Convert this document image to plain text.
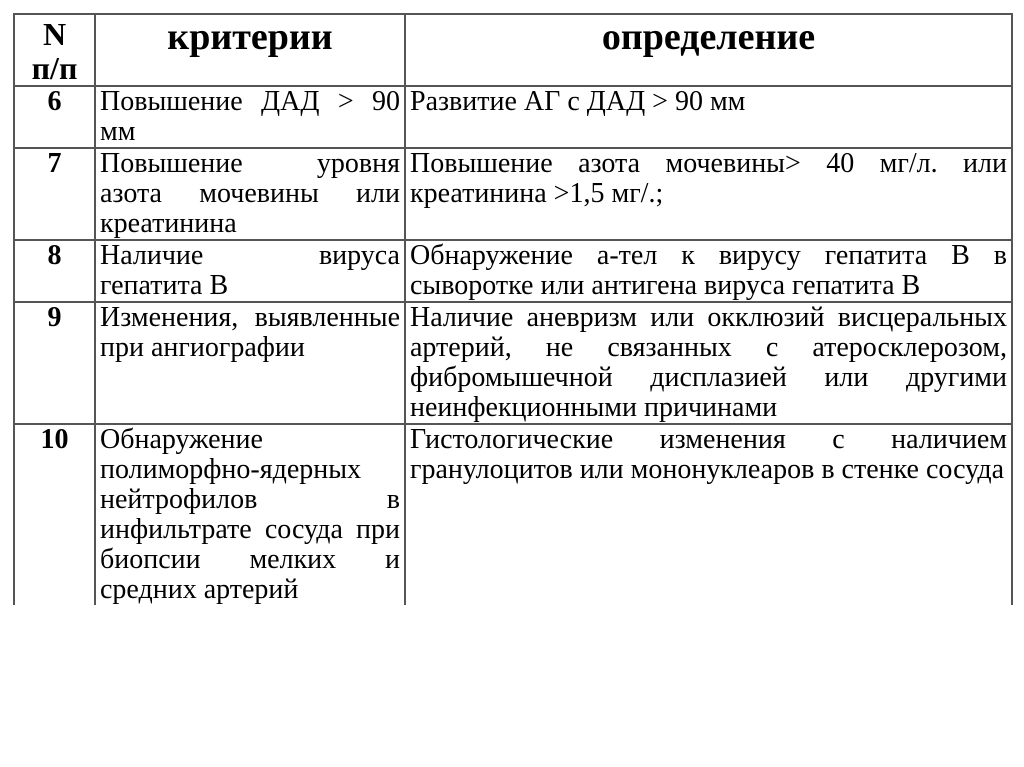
N
п/п	критерии	определение
6	Повышение ДАД > 90 мм	Развитие АГ с ДАД > 90 мм
7	Повышение уровня азота мочевины или креатинина	Повышение азота мочевины> 40 мг/л. или креатинина >1,5 мг/.;
8	Наличие вируса гепатита В	Обнаружение а-тел к вирусу гепатита В в сыворотке или антигена вируса гепатита В
9	Изменения, выявленные при ангиографии	Наличие аневризм или окклюзий висцеральных артерий, не связанных с атеросклерозом, фибромышечной дисплазией или другими неинфекционными причинами
10	Обнаружение полиморфно-ядерных нейтрофилов в инфильтрате сосуда при биопсии мелких и средних артерий	Гистологические изменения с наличием гранулоцитов или мононуклеаров в стенке сосуда
